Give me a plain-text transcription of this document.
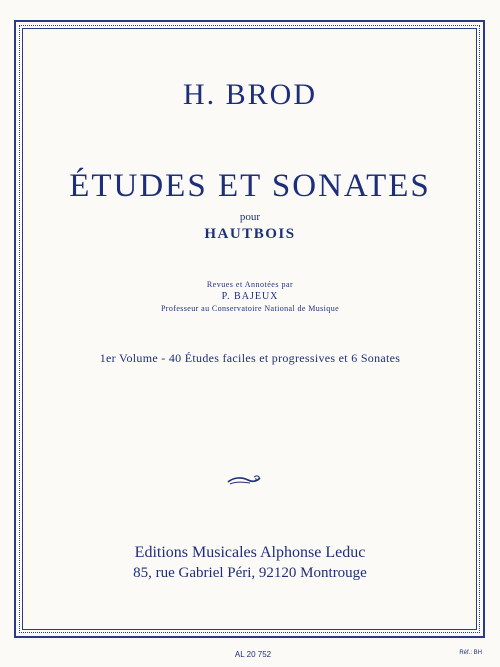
H. BROD
ÉTUDES ET SONATES
pour
HAUTBOIS
Revues et Annotées par
P. BAJEUX
Professeur au Conservatoire National de Musique
1er Volume - 40 Études faciles et progressives et 6 Sonates
Editions Musicales Alphonse Leduc
85, rue Gabriel Péri, 92120 Montrouge
AL 20 752	Réf.: BH
